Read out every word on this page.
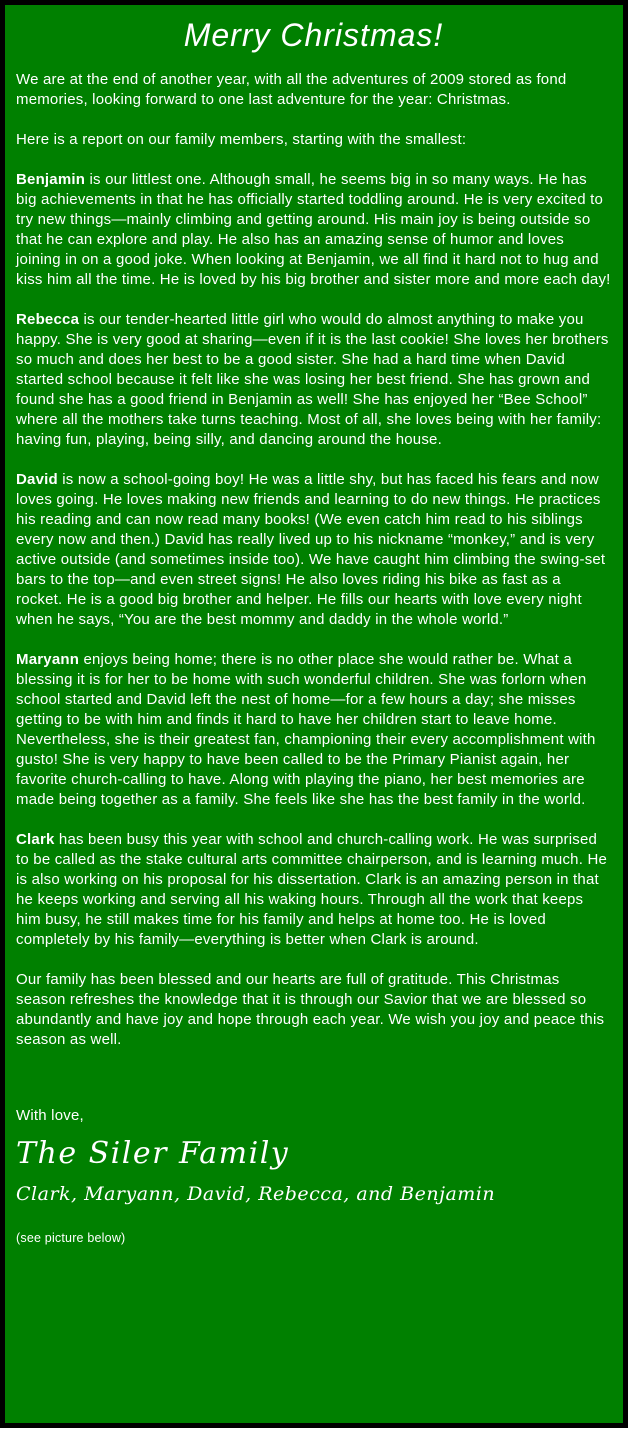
Merry Christmas!

We are at the end of another year, with all the adventures of 2009 stored as fond memories, looking forward to one last adventure for the year: Christmas.

Here is a report on our family members, starting with the smallest:

Benjamin is our littlest one. Although small, he seems big in so many ways. He has big achievements in that he has officially started toddling around. He is very excited to try new things—mainly climbing and getting around. His main joy is being outside so that he can explore and play. He also has an amazing sense of humor and loves joining in on a good joke. When looking at Benjamin, we all find it hard not to hug and kiss him all the time. He is loved by his big brother and sister more and more each day!

Rebecca is our tender-hearted little girl who would do almost anything to make you happy. She is very good at sharing—even if it is the last cookie! She loves her brothers so much and does her best to be a good sister. She had a hard time when David started school because it felt like she was losing her best friend. She has grown and found she has a good friend in Benjamin as well! She has enjoyed her “Bee School” where all the mothers take turns teaching. Most of all, she loves being with her family: having fun, playing, being silly, and dancing around the house.

David is now a school-going boy! He was a little shy, but has faced his fears and now loves going. He loves making new friends and learning to do new things. He practices his reading and can now read many books! (We even catch him read to his siblings every now and then.) David has really lived up to his nickname “monkey,” and is very active outside (and sometimes inside too). We have caught him climbing the swing-set bars to the top—and even street signs! He also loves riding his bike as fast as a rocket. He is a good big brother and helper. He fills our hearts with love every night when he says, “You are the best mommy and daddy in the whole world.”

Maryann enjoys being home; there is no other place she would rather be. What a blessing it is for her to be home with such wonderful children. She was forlorn when school started and David left the nest of home—for a few hours a day; she misses getting to be with him and finds it hard to have her children start to leave home. Nevertheless, she is their greatest fan, championing their every accomplishment with gusto! She is very happy to have been called to be the Primary Pianist again, her favorite church-calling to have. Along with playing the piano, her best memories are made being together as a family. She feels like she has the best family in the world.

Clark has been busy this year with school and church-calling work. He was surprised to be called as the stake cultural arts committee chairperson, and is learning much. He is also working on his proposal for his dissertation. Clark is an amazing person in that he keeps working and serving all his waking hours. Through all the work that keeps him busy, he still makes time for his family and helps at home too. He is loved completely by his family—everything is better when Clark is around.

Our family has been blessed and our hearts are full of gratitude. This Christmas season refreshes the knowledge that it is through our Savior that we are blessed so abundantly and have joy and hope through each year. We wish you joy and peace this season as well.

With love,

The Siler Family
Clark, Maryann, David, Rebecca, and Benjamin
(see picture below)
